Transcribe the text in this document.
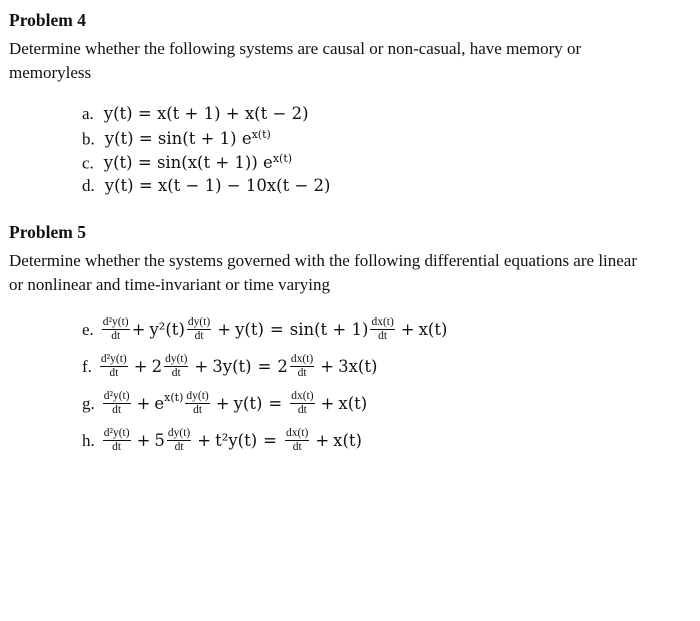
Problem 4
Determine whether the following systems are causal or non-casual, have memory or
memoryless
a. y(t) = x(t + 1) + x(t − 2)
b. y(t) = sin(t + 1) $e^{x(t)}$
c. y(t) = sin(x(t + 1)) $e^{x(t)}$
d. y(t) = x(t − 1) − 10x(t − 2)
Problem 5
Determine whether the systems governed with the following differential equations are linear
or nonlinear and time-invariant or time varying
e. $\frac{\text{d²y(t)}}{dt} + y^2(t) \frac{dy(t)}{dt} + y(t) = \sin(t + 1) \frac{dx(t)}{dt} + x(t)$
f. $\frac{\text{d²y(t)}}{dt} + 2 \frac{dy(t)}{dt} + 3y(t) = 2 \frac{dx(t)}{dt} + 3x(t)$
g. $\frac{\text{d²y(t)}}{dt} + e^{x(t)} \frac{dy(t)}{dt} + y(t) = \frac{dx(t)}{dt} + x(t)$
h. $\frac{\text{d²y(t)}}{dt} + 5 \frac{dy(t)}{dt} + t^2y(t) = \frac{dx(t)}{dt} + x(t)$
